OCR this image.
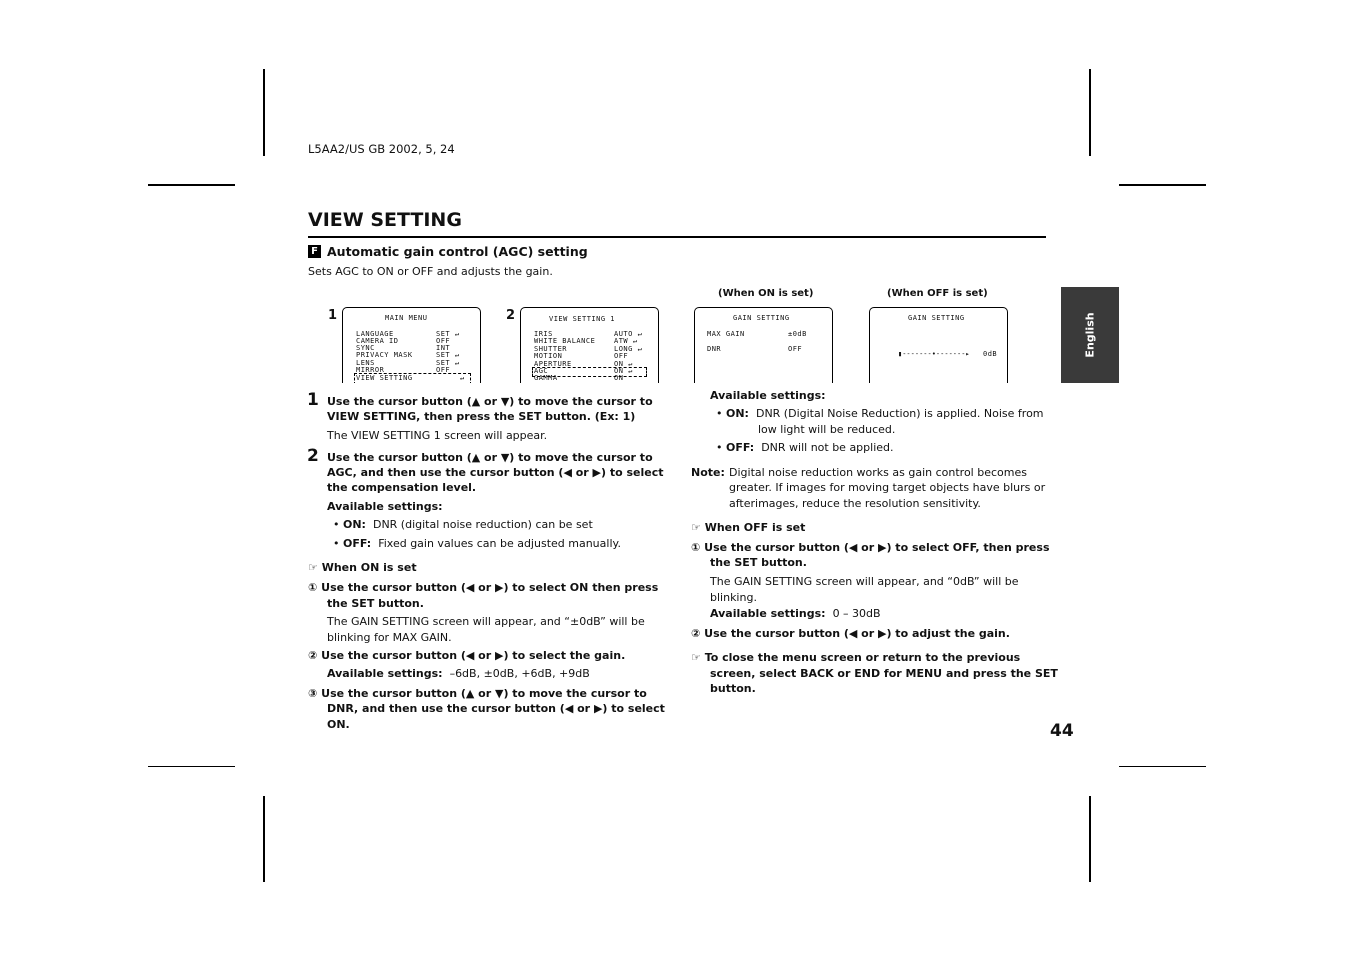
L5AA2/US GB 2002, 5, 24
VIEW SETTING
F Automatic gain control (AGC) setting
Sets AGC to ON or OFF and adjusts the gain.
1	MAIN MENU
LANGUAGE	SET ↵
CAMERA ID	OFF
SYNC	INT
PRIVACY MASK	SET ↵
LENS	SET ↵
MIRROR	OFF
VIEW SETTING	↵
2	VIEW SETTING 1
IRIS	AUTO ↵
WHITE BALANCE	ATW ↵
SHUTTER	LONG ↵
MOTION	OFF
APERTURE	ON ↵
AGC	ON ↵
GAMMA	ON
(When ON is set)
GAIN SETTING
MAX GAIN	±0dB
DNR	OFF
(When OFF is set)
GAIN SETTING
▮-------•-------▸ 0dB
1 Use the cursor button (▲ or ▼) to move the cursor to
VIEW SETTING, then press the SET button. (Ex: 1)
The VIEW SETTING 1 screen will appear.
2 Use the cursor button (▲ or ▼) to move the cursor to
AGC, and then use the cursor button (◀ or ▶) to select
the compensation level.
Available settings:
• ON: DNR (digital noise reduction) can be set
• OFF: Fixed gain values can be adjusted manually.
☞ When ON is set
① Use the cursor button (◀ or ▶) to select ON then press
the SET button.
The GAIN SETTING screen will appear, and “±0dB” will be
blinking for MAX GAIN.
② Use the cursor button (◀ or ▶) to select the gain.
Available settings: –6dB, ±0dB, +6dB, +9dB
③ Use the cursor button (▲ or ▼) to move the cursor to
DNR, and then use the cursor button (◀ or ▶) to select
ON.
Available settings:
• ON: DNR (Digital Noise Reduction) is applied. Noise from
low light will be reduced.
• OFF: DNR will not be applied.
Note: Digital noise reduction works as gain control becomes
greater. If images for moving target objects have blurs or
afterimages, reduce the resolution sensitivity.
☞ When OFF is set
① Use the cursor button (◀ or ▶) to select OFF, then press
the SET button.
The GAIN SETTING screen will appear, and “0dB” will be
blinking.
Available settings: 0 – 30dB
② Use the cursor button (◀ or ▶) to adjust the gain.
☞ To close the menu screen or return to the previous
screen, select BACK or END for MENU and press the SET
button.
English
44
